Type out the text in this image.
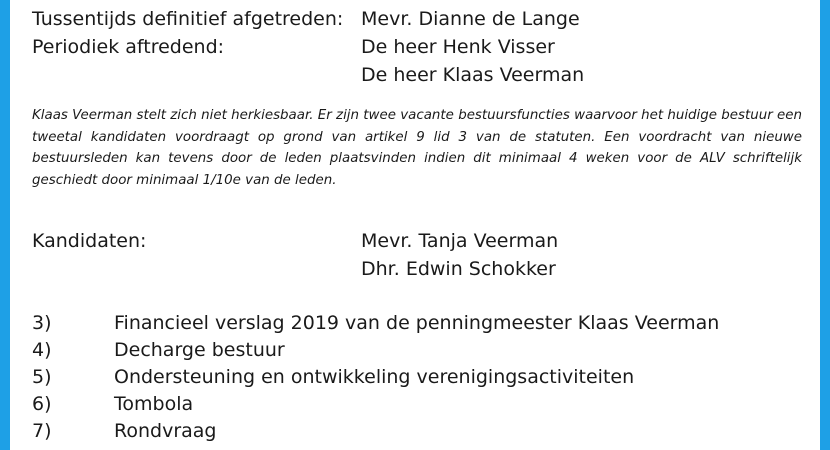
Tussentijds definitief afgetreden: Mevr. Dianne de Lange
Periodiek aftredend:	De heer Henk Visser
De heer Klaas Veerman
Klaas Veerman stelt zich niet herkiesbaar. Er zijn twee vacante bestuursfuncties waarvoor het huidige bestuur een tweetal kandidaten voordraagt op grond van artikel 9 lid 3 van de statuten. Een voordracht van nieuwe bestuursleden kan tevens door de leden plaatsvinden indien dit minimaal 4 weken voor de ALV schriftelijk geschiedt door minimaal 1/10e van de leden.
Kandidaten:	Mevr. Tanja Veerman
Dhr. Edwin Schokker
3)	Financieel verslag 2019 van de penningmeester Klaas Veerman
4)	Decharge bestuur
5)	Ondersteuning en ontwikkeling verenigingsactiviteiten
6)	Tombola
7)	Rondvraag
